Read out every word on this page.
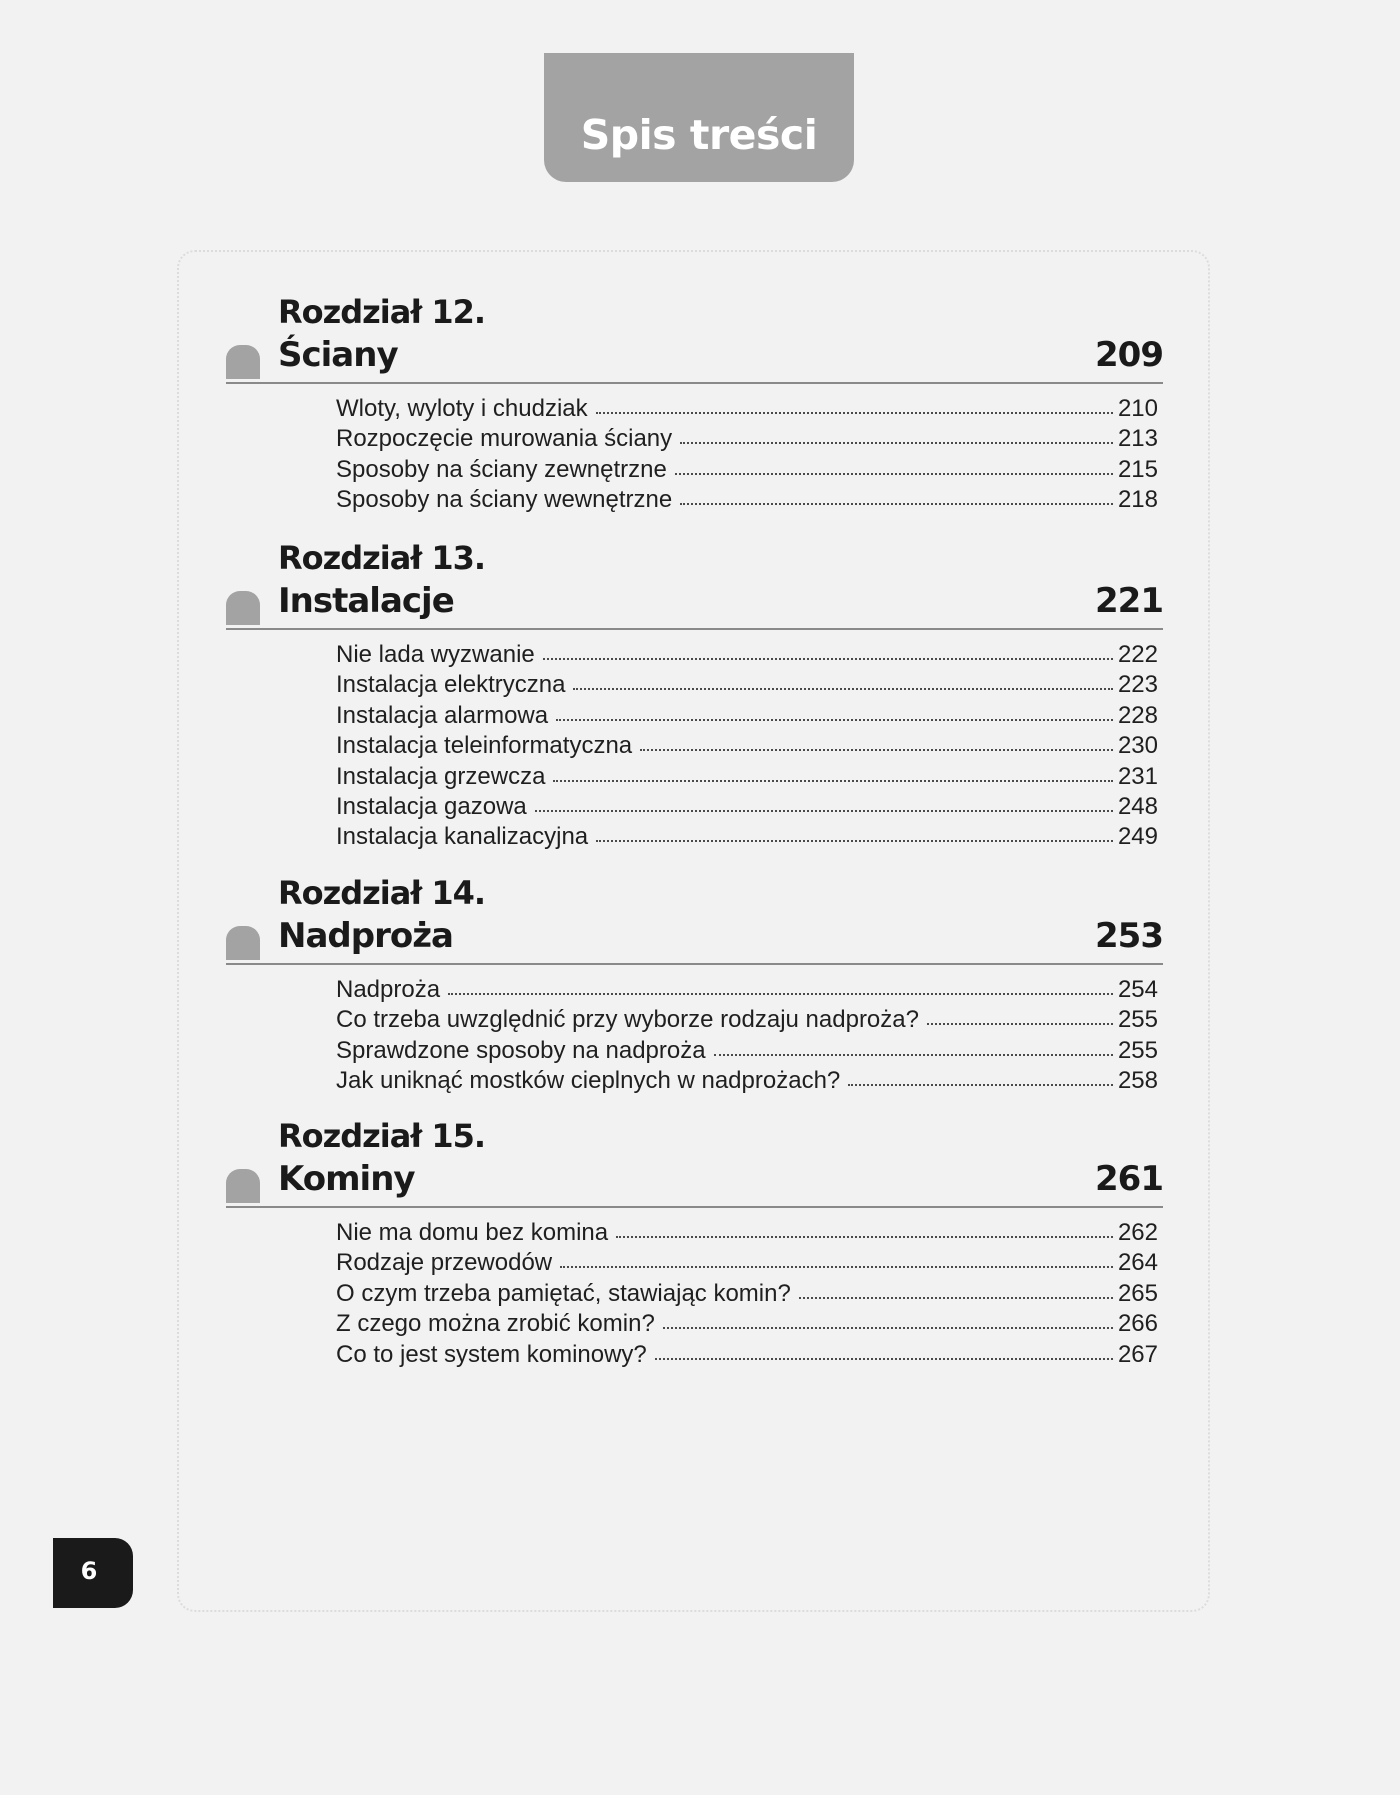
Spis treści
Rozdział 12.
Ściany	209
Wloty, wyloty i chudziak	210
Rozpoczęcie murowania ściany	213
Sposoby na ściany zewnętrzne	215
Sposoby na ściany wewnętrzne	218
Rozdział 13.
Instalacje	221
Nie lada wyzwanie	222
Instalacja elektryczna	223
Instalacja alarmowa	228
Instalacja teleinformatyczna	230
Instalacja grzewcza	231
Instalacja gazowa	248
Instalacja kanalizacyjna	249
Rozdział 14.
Nadproża	253
Nadproża	254
Co trzeba uwzględnić przy wyborze rodzaju nadproża?	255
Sprawdzone sposoby na nadproża	255
Jak uniknąć mostków cieplnych w nadprożach?	258
Rozdział 15.
Kominy	261
Nie ma domu bez komina	262
Rodzaje przewodów	264
O czym trzeba pamiętać, stawiając komin?	265
Z czego można zrobić komin?	266
Co to jest system kominowy?	267
6
